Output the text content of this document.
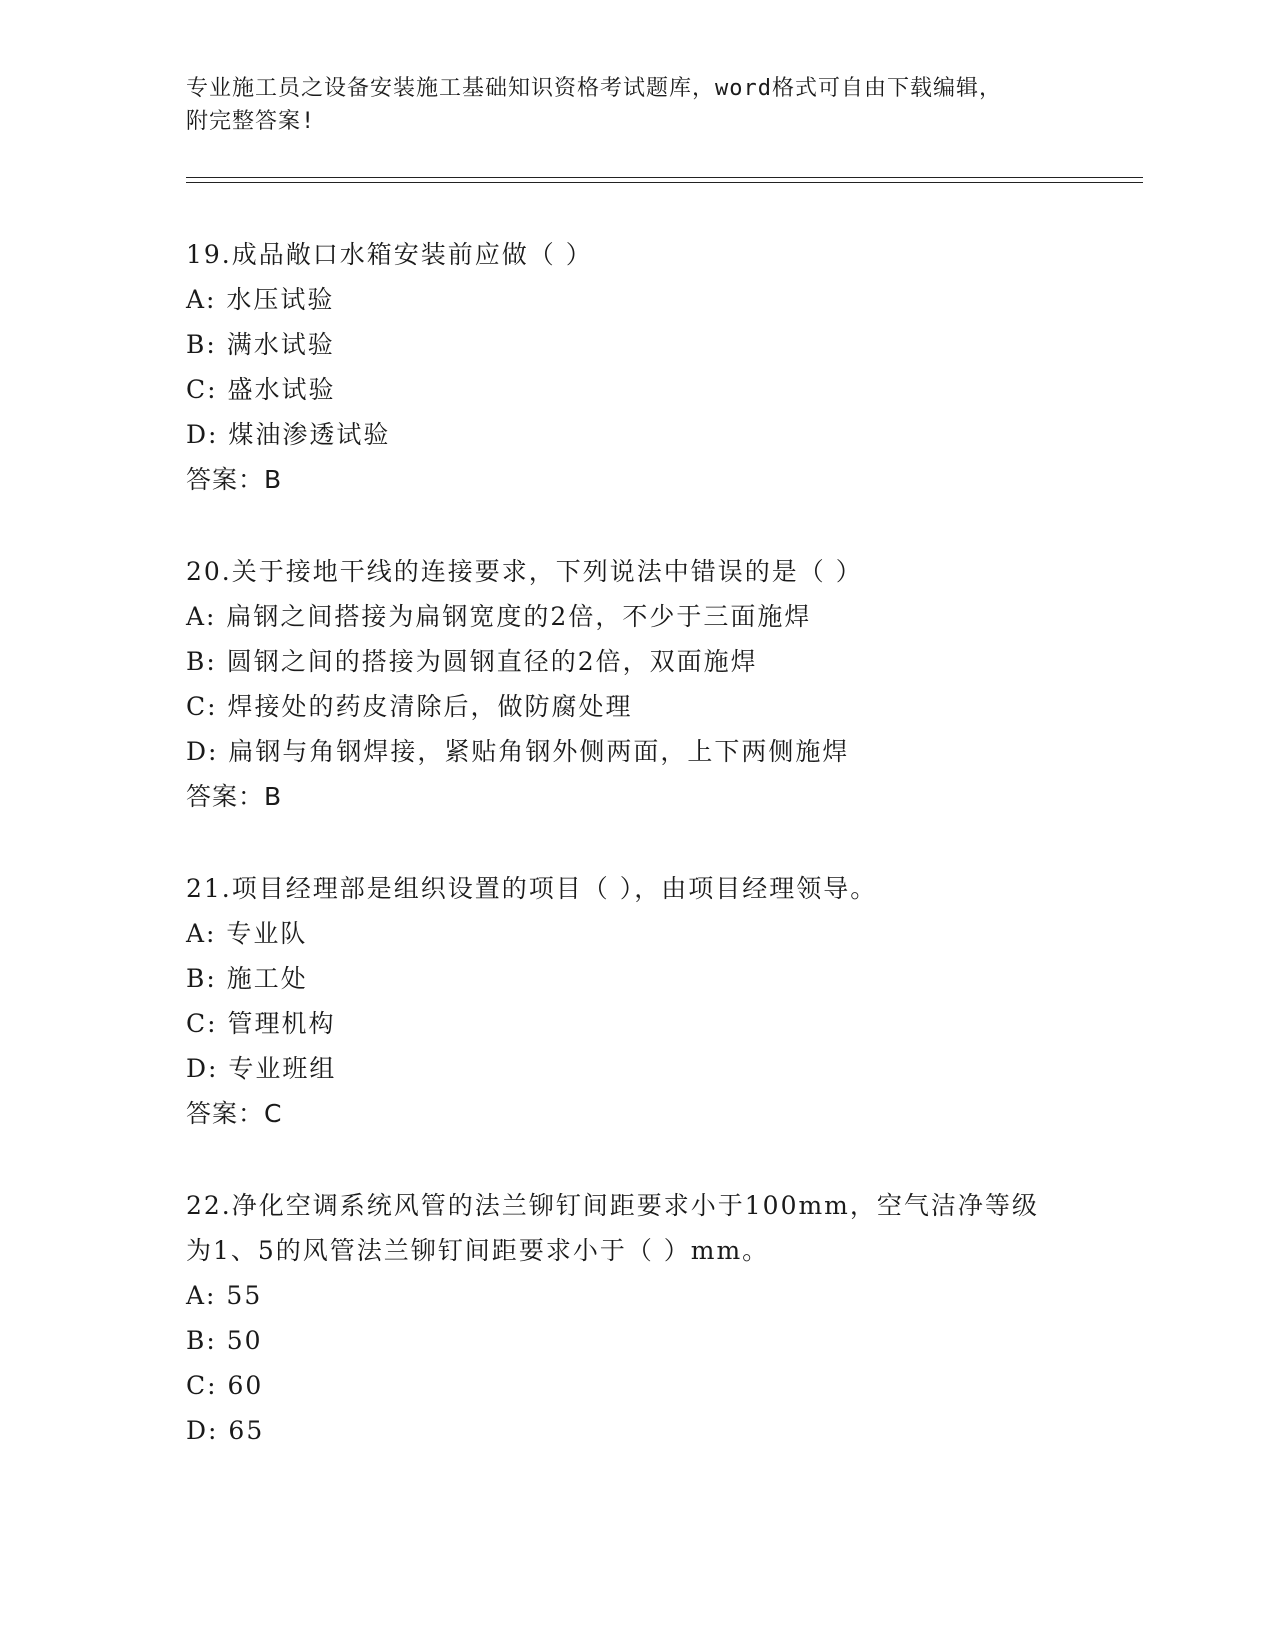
专业施工员之设备安装施工基础知识资格考试题库，word格式可自由下载编辑，
附完整答案!
19.成品敞口水箱安装前应做（ ）
A: 水压试验
B: 满水试验
C: 盛水试验
D: 煤油渗透试验
答案：B
20.关于接地干线的连接要求，下列说法中错误的是（ ）
A: 扁钢之间搭接为扁钢宽度的2倍，不少于三面施焊
B: 圆钢之间的搭接为圆钢直径的2倍，双面施焊
C: 焊接处的药皮清除后，做防腐处理
D: 扁钢与角钢焊接，紧贴角钢外侧两面，上下两侧施焊
答案：B
21.项目经理部是组织设置的项目（ ），由项目经理领导。
A: 专业队
B: 施工处
C: 管理机构
D: 专业班组
答案：C
22.净化空调系统风管的法兰铆钉间距要求小于100mm，空气洁净等级
为1、5的风管法兰铆钉间距要求小于（ ）mm。
A: 55
B: 50
C: 60
D: 65
